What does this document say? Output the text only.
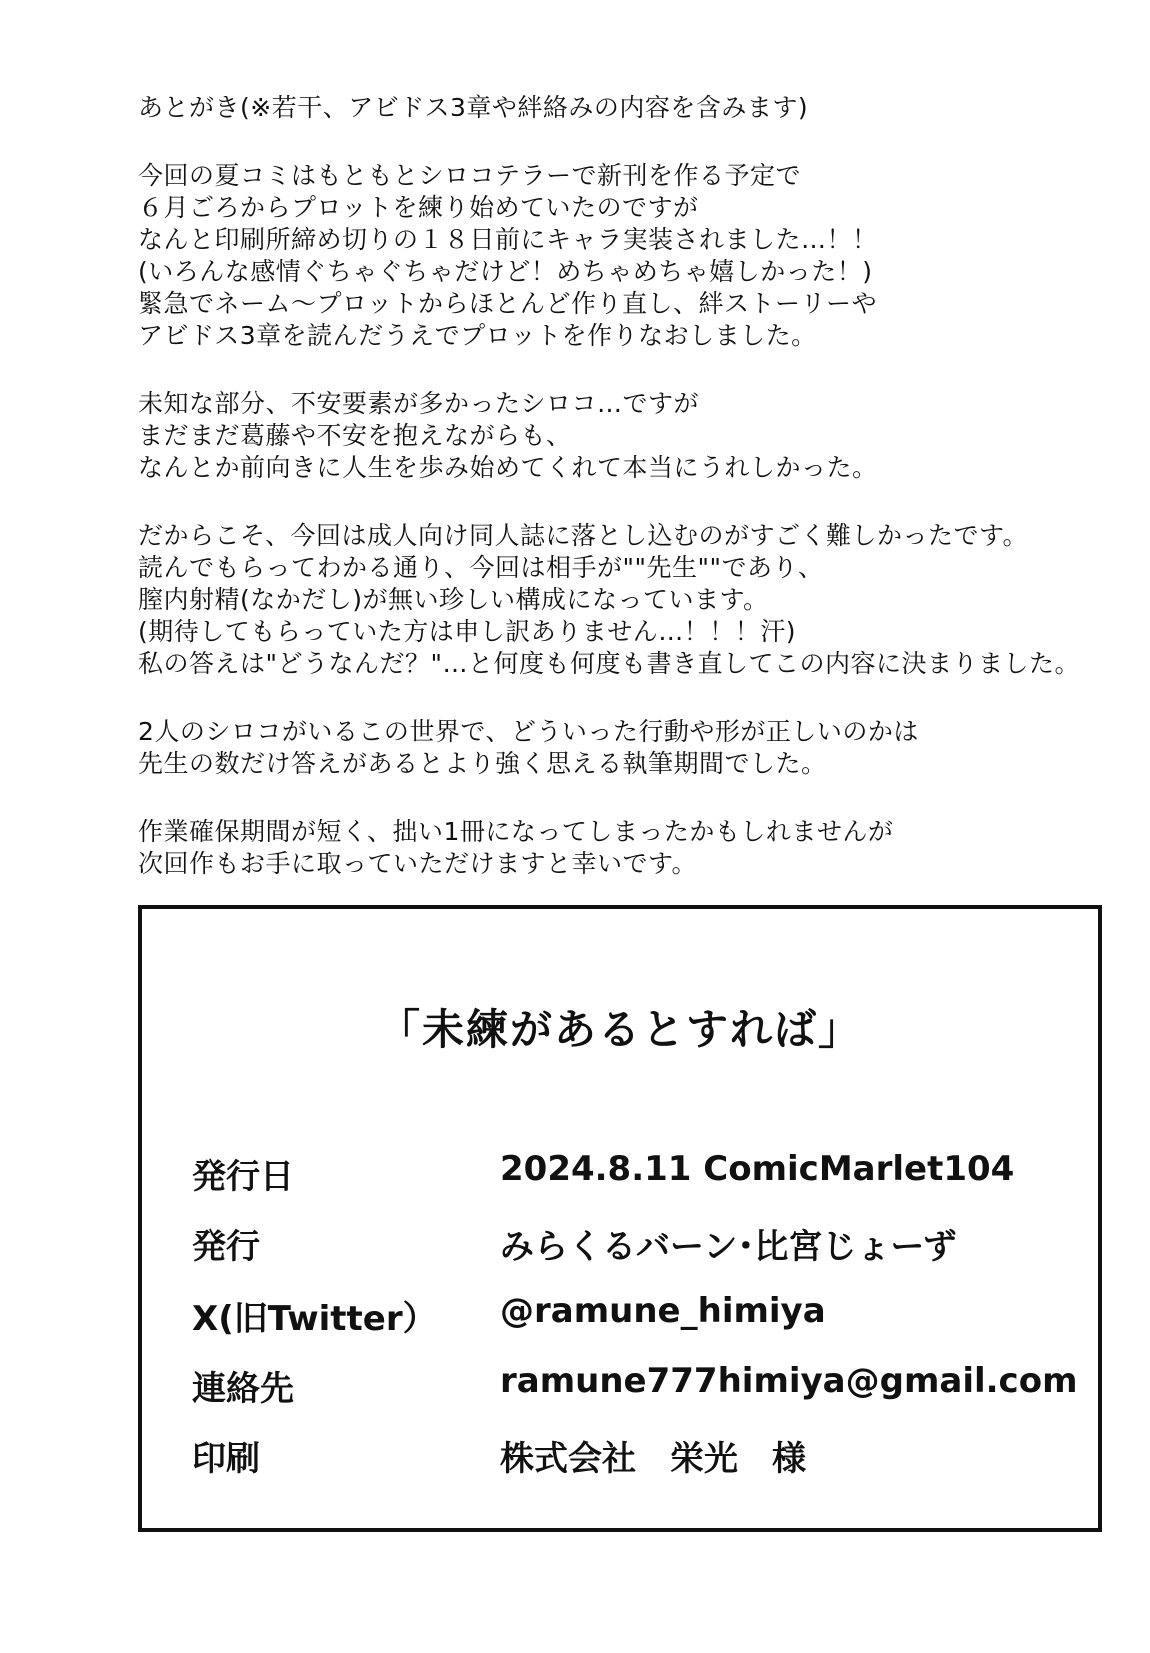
あとがき(※若干、アビドス3章や絆絡みの内容を含みます)
今回の夏コミはもともとシロコテラーで新刊を作る予定で
６月ごろからプロットを練り始めていたのですが
なんと印刷所締め切りの１８日前にキャラ実装されました…！！
(いろんな感情ぐちゃぐちゃだけど！めちゃめちゃ嬉しかった！)
緊急でネーム～プロットからほとんど作り直し、絆ストーリーや
アビドス3章を読んだうえでプロットを作りなおしました。
未知な部分、不安要素が多かったシロコ…ですが
まだまだ葛藤や不安を抱えながらも、
なんとか前向きに人生を歩み始めてくれて本当にうれしかった。
だからこそ、今回は成人向け同人誌に落とし込むのがすごく難しかったです。
読んでもらってわかる通り、今回は相手が""先生""であり、
膣内射精(なかだし)が無い珍しい構成になっています。
(期待してもらっていた方は申し訳ありません…！！！汗)
私の答えは"どうなんだ？"…と何度も何度も書き直してこの内容に決まりました。
2人のシロコがいるこの世界で、どういった行動や形が正しいのかは
先生の数だけ答えがあるとより強く思える執筆期間でした。
作業確保期間が短く、拙い1冊になってしまったかもしれませんが
次回作もお手に取っていただけますと幸いです。
「未練があるとすれば」
発行日	2024.8.11 ComicMarlet104
発行	みらくるバーン･比宮じょーず
X(旧Twitter） @ramune_himiya
連絡先	ramune777himiya@gmail.com
印刷	株式会社　栄光　様
